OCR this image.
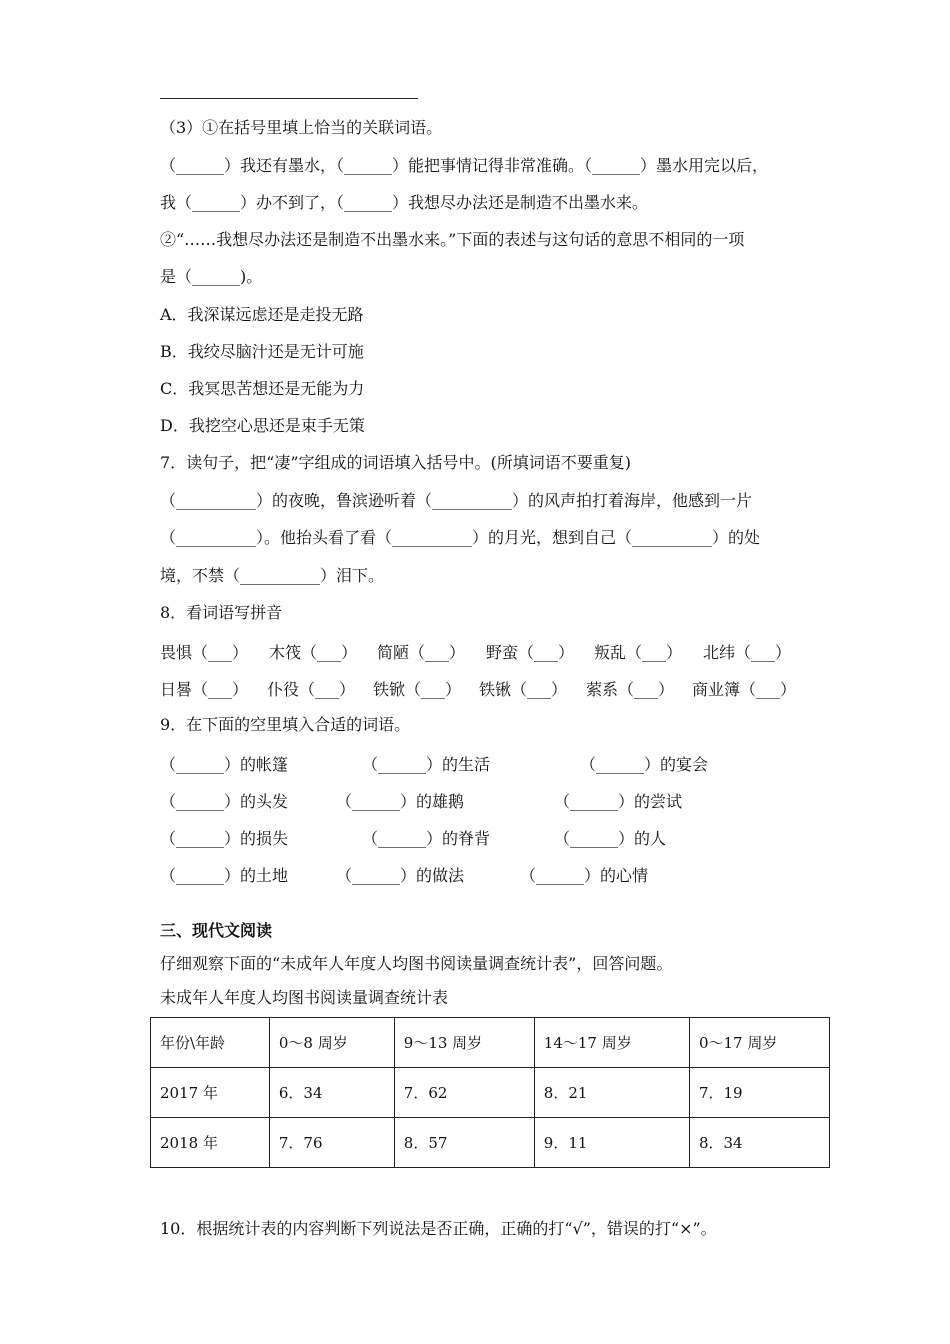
（3）①在括号里填上恰当的关联词语。
（______）我还有墨水，（______）能把事情记得非常准确。（______）墨水用完以后，
我（______）办不到了，（______）我想尽办法还是制造不出墨水来。
②“……我想尽办法还是制造不出墨水来。”下面的表述与这句话的意思不相同的一项
是（______)。
A．我深谋远虑还是走投无路
B．我绞尽脑汁还是无计可施
C．我冥思苦想还是无能为力
D．我挖空心思还是束手无策
7．读句子，把“凄”字组成的词语填入括号中。(所填词语不要重复)
（__________）的夜晚，鲁滨逊听着（__________）的风声拍打着海岸，他感到一片
（__________）。他抬头看了看（__________）的月光，想到自己（__________）的处
境，不禁（__________）泪下。
8．看词语写拼音
畏惧（___） 木筏（___） 简陋（___） 野蛮（___） 叛乱（___） 北纬（___）
日晷（___） 仆役（___） 铁锨（___） 铁锹（___） 萦系（___） 商业簿（___）
9．在下面的空里填入合适的词语。
（______）的帐篷	（______）的生活	（______）的宴会
（______）的头发	（______）的雄鹅	（______）的尝试
（______）的损失	（______）的脊背	（______）的人
（______）的土地	（______）的做法	（______）的心情
三、现代文阅读
仔细观察下面的“未成年人年度人均图书阅读量调查统计表”，回答问题。
未成年人年度人均图书阅读量调查统计表
年份\年龄	0～8 周岁	9～13 周岁	14～17 周岁	0～17 周岁
2017 年	6．34	7．62	8．21	7．19
2018 年	7．76	8．57	9．11	8．34
10．根据统计表的内容判断下列说法是否正确，正确的打“√”，错误的打“×”。
